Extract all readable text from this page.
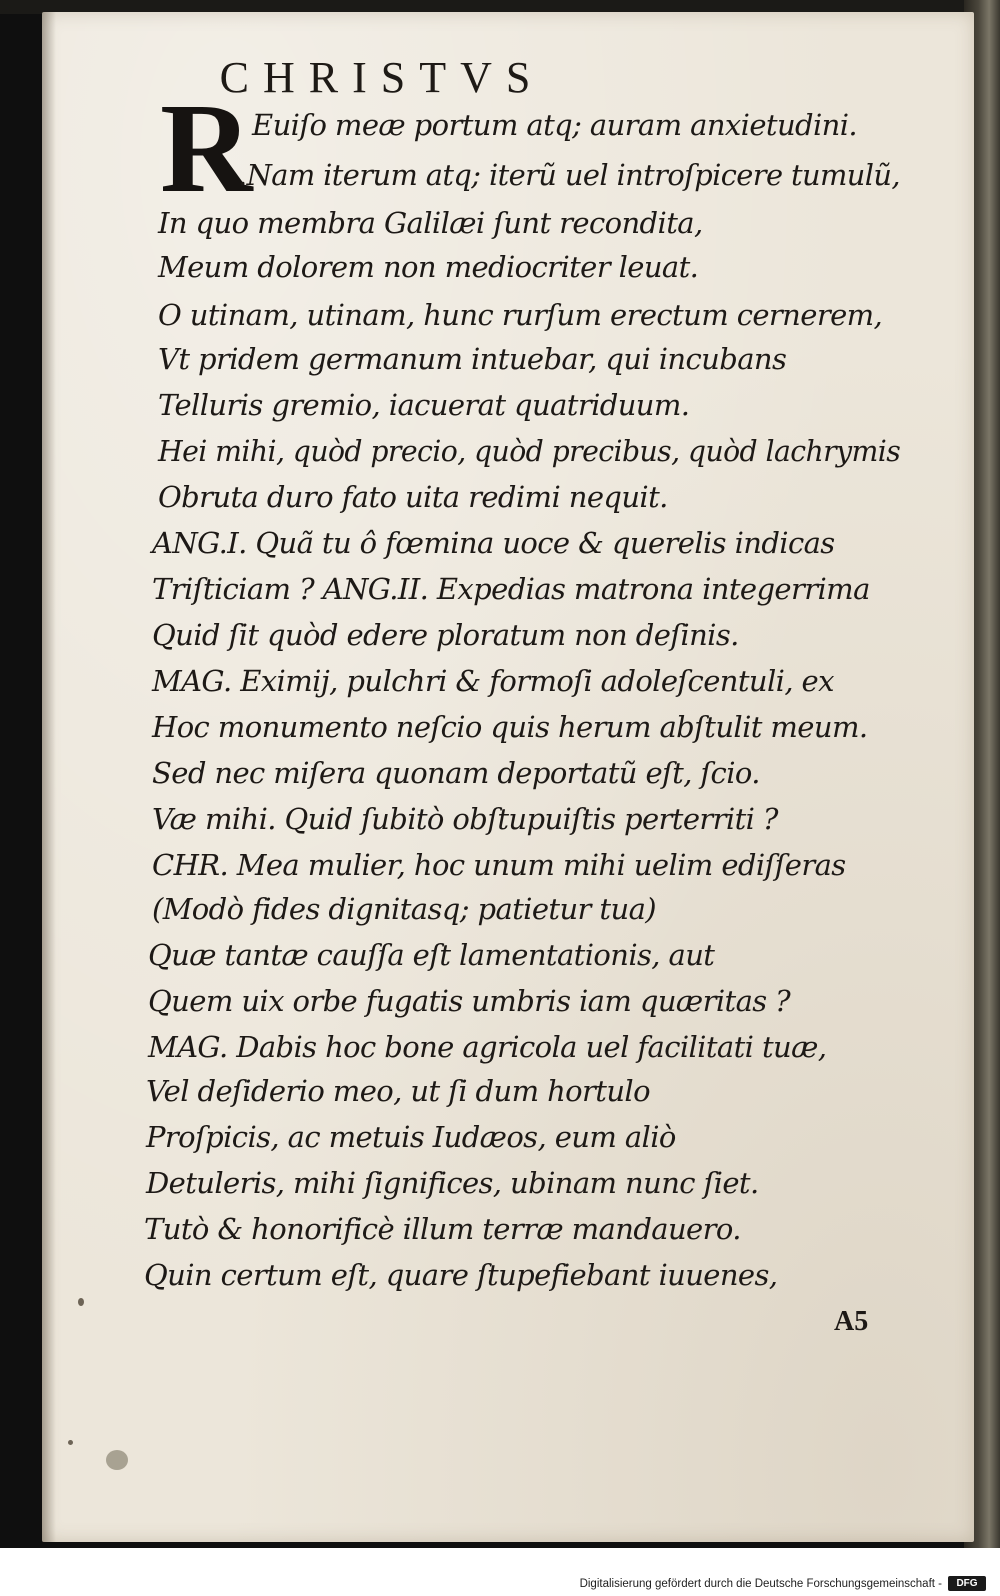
CHRISTVS
R Euiſo meæ portum atq; auram anxietudini.
.Nam iterum atq; iterũ uel introſpicere tumulũ,
In quo membra Galilæi ſunt recondita,
Meum dolorem non mediocriter leuat.
O utinam, utinam, hunc rurſum erectum cernerem,
Vt pridem germanum intuebar, qui incubans
Telluris gremio, iacuerat quatriduum.
Hei mihi, quòd precio, quòd precibus, quòd lachrymis
Obruta duro fato uita redimi nequit.
ANG.I. Quã tu ô fœmina uoce & querelis indicas
Triſticiam ? ANG.II. Expedias matrona integerrima
Quid ſit quòd edere ploratum non deſinis.
MAG. Eximij, pulchri & formoſi adoleſcentuli, ex
Hoc monumento neſcio quis herum abſtulit meum.
Sed nec miſera quonam deportatũ eſt, ſcio.
Væ mihi. Quid ſubitò obſtupuiſtis perterriti ?
CHR. Mea mulier, hoc unum mihi uelim ediſſeras
(Modò fides dignitasq; patietur tua)
Quæ tantæ cauſſa eſt lamentationis, aut
Quem uix orbe fugatis umbris iam quæritas ?
MAG. Dabis hoc bone agricola uel facilitati tuæ,
Vel deſiderio meo, ut ſi dum hortulo
Proſpicis, ac metuis Iudæos, eum aliò
Detuleris, mihi ſignifices, ubinam nunc ſiet.
Tutò & honorificè illum terræ mandauero.
Quin certum eſt, quare ſtupefiebant iuuenes,
A5
Digitalisierung gefördert durch die Deutsche Forschungsgemeinschaft -	DFG
